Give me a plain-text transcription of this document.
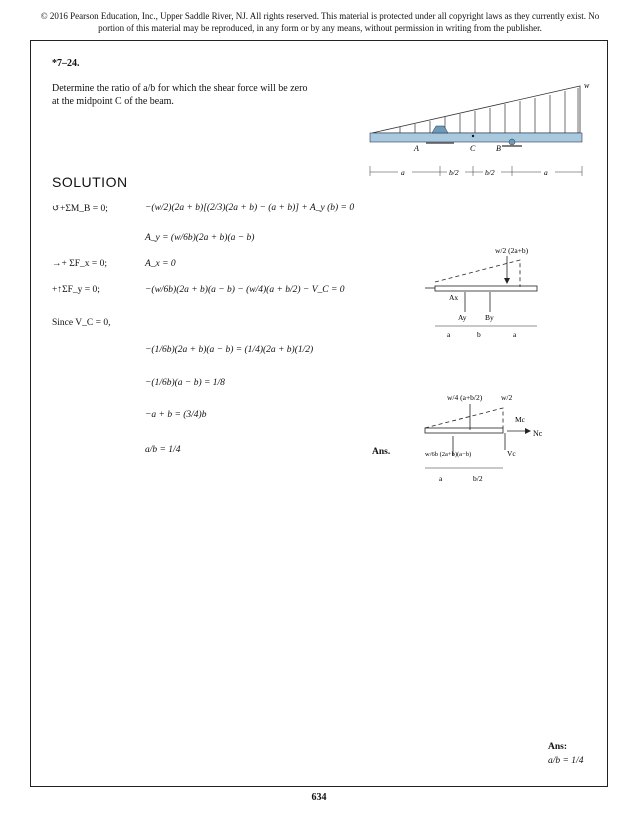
© 2016 Pearson Education, Inc., Upper Saddle River, NJ. All rights reserved. This material is protected under all copyright laws as they currently exist. No portion of this material may be reproduced, in any form or by any means, without permission in writing from the publisher.
*7–24.
Determine the ratio of a/b for which the shear force will be zero at the midpoint C of the beam.
w
A	C	B
a	b/2	b/2	a
SOLUTION
↺+ΣM_B = 0;	−(w/2)(2a + b)[(2/3)(2a + b) − (a + b)] + A_y (b) = 0
A_y = (w/6b)(2a + b)(a − b)
→+ ΣF_x = 0;	A_x = 0
+↑ΣF_y = 0;	−(w/6b)(2a + b)(a − b) − (w/4)(a + b/2) − V_C = 0
Since V_C = 0,
−(1/6b)(2a + b)(a − b) = (1/4)(2a + b)(1/2)
−(1/6b)(a − b) = 1/8
−a + b = (3/4)b
a/b = 1/4	Ans.
w/2 (2a+b)
Ax
Ay By
a	b	a
w/4 (a+b/2) w/2
Mc
Nc
Vc
w/6b (2a+b)(a−b)
a	b/2
Ans:
a/b = 1/4
634
